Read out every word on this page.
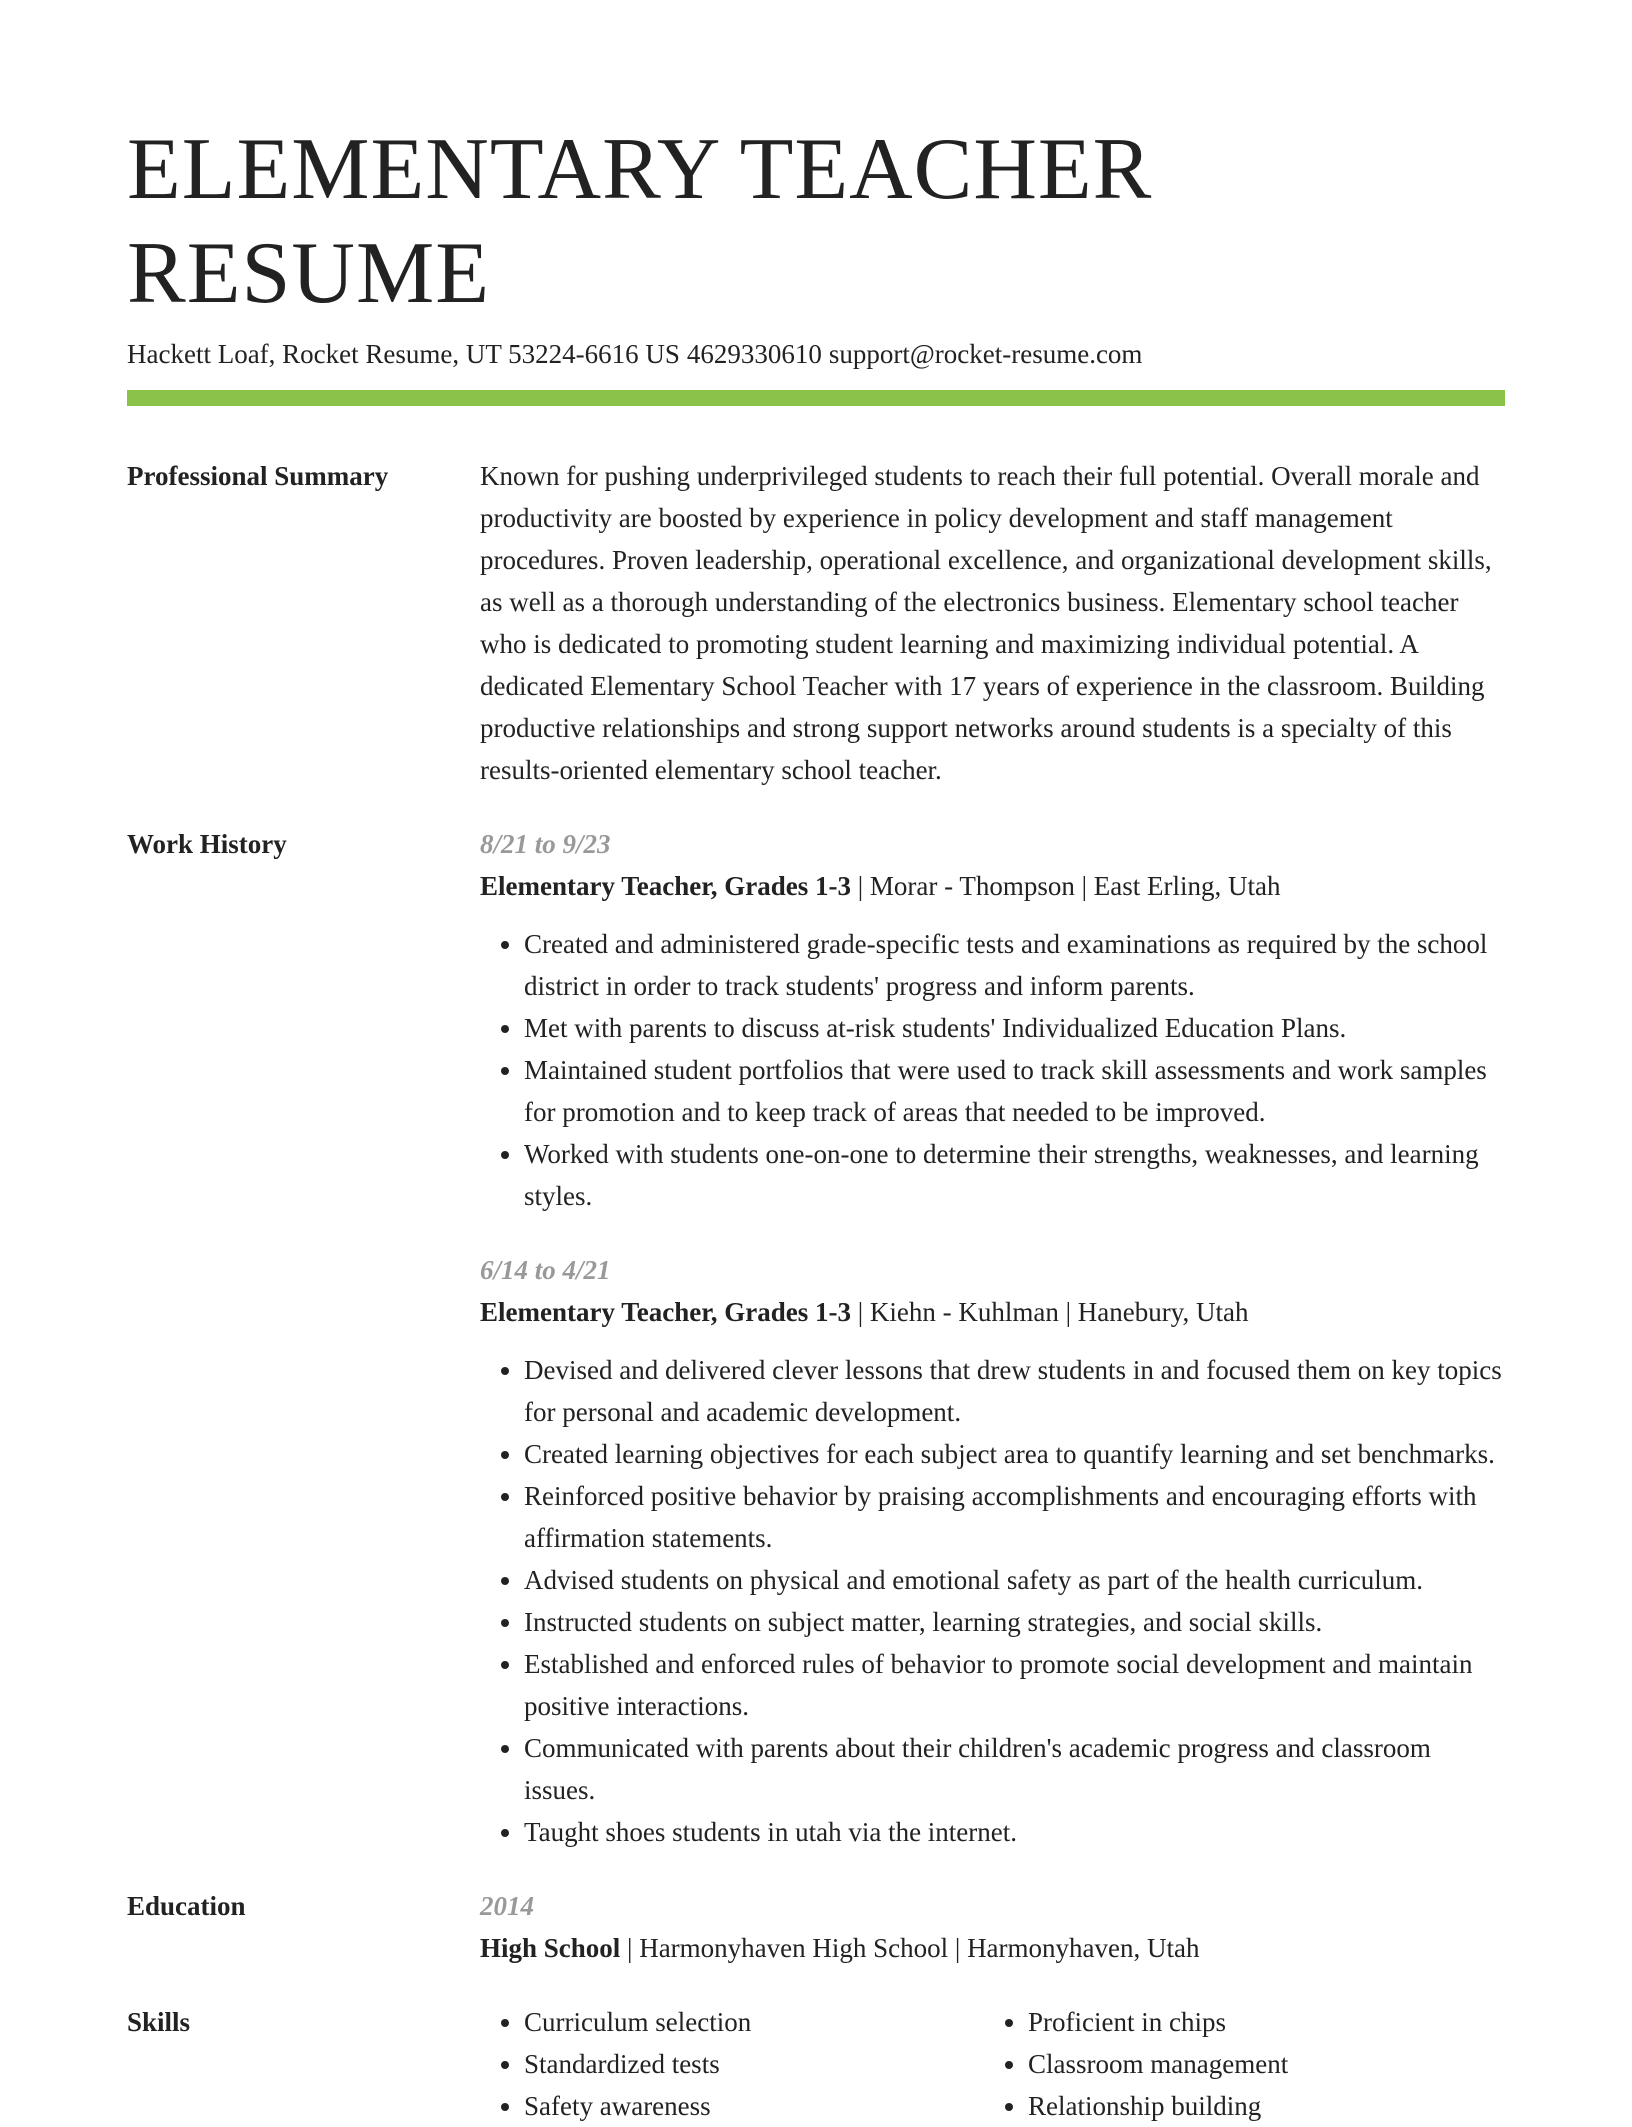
ELEMENTARY TEACHER RESUME
Hackett Loaf, Rocket Resume, UT 53224-6616 US 4629330610 support@rocket-resume.com
Professional Summary	Known for pushing underprivileged students to reach their full potential. Overall morale and productivity are boosted by experience in policy development and staff management procedures. Proven leadership, operational excellence, and organizational development skills, as well as a thorough understanding of the electronics business. Elementary school teacher who is dedicated to promoting student learning and maximizing individual potential. A dedicated Elementary School Teacher with 17 years of experience in the classroom. Building productive relationships and strong support networks around students is a specialty of this results-oriented elementary school teacher.
Work History	8/21 to 9/23
Elementary Teacher, Grades 1-3 | Morar - Thompson | East Erling, Utah
• Created and administered grade-specific tests and examinations as required by the school district in order to track students' progress and inform parents.
• Met with parents to discuss at-risk students' Individualized Education Plans.
• Maintained student portfolios that were used to track skill assessments and work samples for promotion and to keep track of areas that needed to be improved.
• Worked with students one-on-one to determine their strengths, weaknesses, and learning styles.
6/14 to 4/21
Elementary Teacher, Grades 1-3 | Kiehn - Kuhlman | Hanebury, Utah
• Devised and delivered clever lessons that drew students in and focused them on key topics for personal and academic development.
• Created learning objectives for each subject area to quantify learning and set benchmarks.
• Reinforced positive behavior by praising accomplishments and encouraging efforts with affirmation statements.
• Advised students on physical and emotional safety as part of the health curriculum.
• Instructed students on subject matter, learning strategies, and social skills.
• Established and enforced rules of behavior to promote social development and maintain positive interactions.
• Communicated with parents about their children's academic progress and classroom issues.
• Taught shoes students in utah via the internet.
Education	2014
High School | Harmonyhaven High School | Harmonyhaven, Utah
Skills
•	Curriculum selection
• Standardized tests
• Safety awareness
• Proficient in chips
• Classroom management
• Relationship building
